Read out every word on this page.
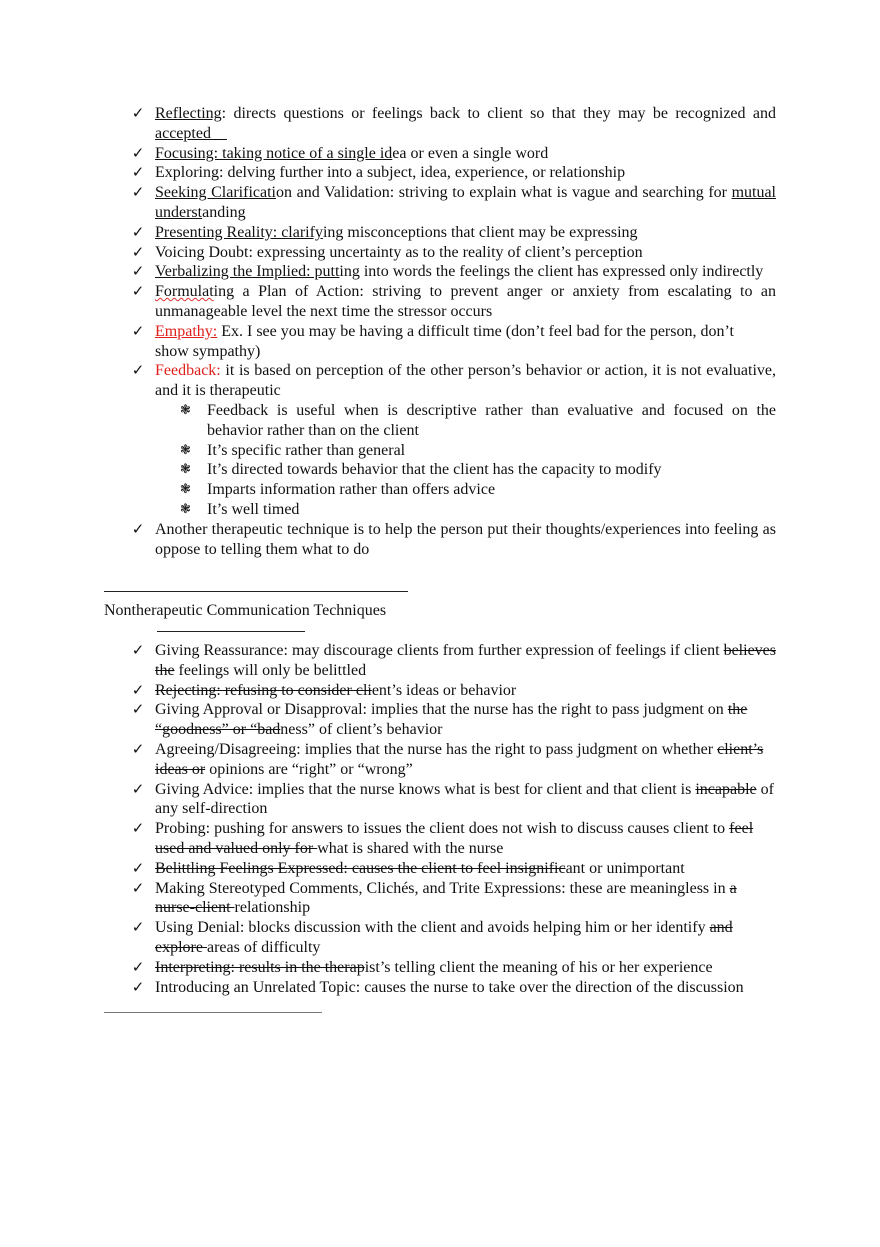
✓ Reflecting: directs questions or feelings back to client so that they may be recognized and accepted
✓ Focusing: taking notice of a single idea or even a single word
✓ Exploring: delving further into a subject, idea, experience, or relationship
✓ Seeking Clarification and Validation: striving to explain what is vague and searching for mutual understanding
✓ Presenting Reality: clarifying misconceptions that client may be expressing
✓ Voicing Doubt: expressing uncertainty as to the reality of client’s perception
✓ Verbalizing the Implied: putting into words the feelings the client has expressed only indirectly
✓ Formulating a Plan of Action: striving to prevent anger or anxiety from escalating to an unmanageable level the next time the stressor occurs
✓ Empathy: Ex. I see you may be having a difficult time (don’t feel bad for the person, don’t show sympathy)
✓ Feedback: it is based on perception of the other person’s behavior or action, it is not evaluative, and it is therapeutic
❃ Feedback is useful when is descriptive rather than evaluative and focused on the behavior rather than on the client
❃ It’s specific rather than general
❃ It’s directed towards behavior that the client has the capacity to modify
❃ Imparts information rather than offers advice
❃ It’s well timed
✓ Another therapeutic technique is to help the person put their thoughts/experiences into feeling as oppose to telling them what to do
Nontherapeutic Communication Techniques
✓ Giving Reassurance: may discourage clients from further expression of feelings if client believes the feelings will only be belittled
✓ Rejecting: refusing to consider client’s ideas or behavior
✓ Giving Approval or Disapproval: implies that the nurse has the right to pass judgment on the “goodness” or “badness” of client’s behavior
✓ Agreeing/Disagreeing: implies that the nurse has the right to pass judgment on whether client’s ideas or opinions are “right” or “wrong”
✓ Giving Advice: implies that the nurse knows what is best for client and that client is incapable of any self-direction
✓ Probing: pushing for answers to issues the client does not wish to discuss causes client to feel used and valued only for what is shared with the nurse
✓ Belittling Feelings Expressed: causes the client to feel insignificant or unimportant
✓ Making Stereotyped Comments, Clichés, and Trite Expressions: these are meaningless in a nurse-client relationship
✓ Using Denial: blocks discussion with the client and avoids helping him or her identify and explore areas of difficulty
✓ Interpreting: results in the therapist’s telling client the meaning of his or her experience
✓ Introducing an Unrelated Topic: causes the nurse to take over the direction of the discussion
